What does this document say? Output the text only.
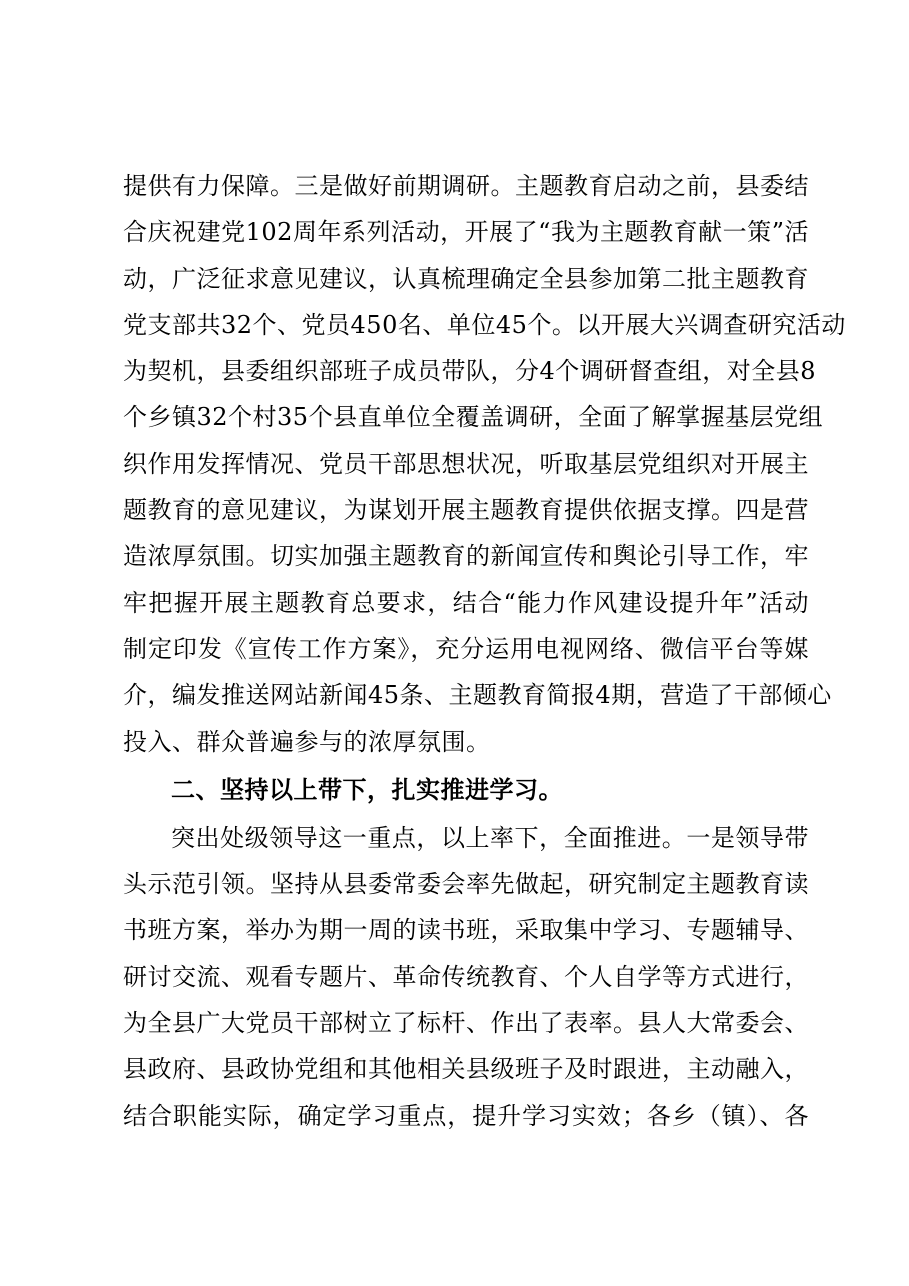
提供有力保障。三是做好前期调研。主题教育启动之前，县委结
合庆祝建党102周年系列活动，开展了“我为主题教育献一策”活
动，广泛征求意见建议，认真梳理确定全县参加第二批主题教育
党支部共32个、党员450名、单位45个。以开展大兴调查研究活动
为契机，县委组织部班子成员带队，分4个调研督查组，对全县8
个乡镇32个村35个县直单位全覆盖调研，全面了解掌握基层党组
织作用发挥情况、党员干部思想状况，听取基层党组织对开展主
题教育的意见建议，为谋划开展主题教育提供依据支撑。四是营
造浓厚氛围。切实加强主题教育的新闻宣传和舆论引导工作，牢
牢把握开展主题教育总要求，结合“能力作风建设提升年”活动
制定印发《宣传工作方案》，充分运用电视网络、微信平台等媒
介，编发推送网站新闻45条、主题教育简报4期，营造了干部倾心
投入、群众普遍参与的浓厚氛围。
二、坚持以上带下，扎实推进学习。
突出处级领导这一重点，以上率下，全面推进。一是领导带
头示范引领。坚持从县委常委会率先做起，研究制定主题教育读
书班方案，举办为期一周的读书班，采取集中学习、专题辅导、
研讨交流、观看专题片、革命传统教育、个人自学等方式进行，
为全县广大党员干部树立了标杆、作出了表率。县人大常委会、
县政府、县政协党组和其他相关县级班子及时跟进，主动融入，
结合职能实际，确定学习重点，提升学习实效；各乡（镇）、各
